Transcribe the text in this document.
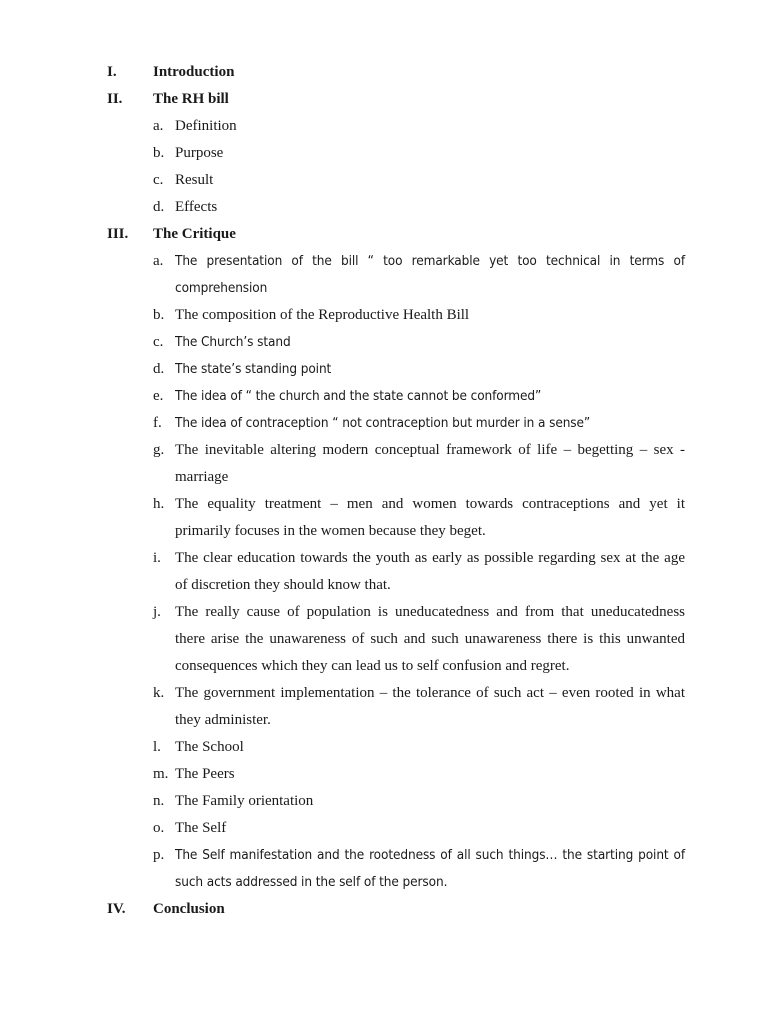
I.	Introduction
II.	The RH bill
a. Definition
b. Purpose
c. Result
d. Effects
III.	The Critique
a. The presentation of the bill “ too remarkable yet too technical in terms of comprehension
b. The composition of the Reproductive Health Bill
c. The Church’s stand
d. The state’s standing point
e. The idea of “ the church and the state cannot be conformed”
f. The idea of contraception “ not contraception but murder in a sense”
g. The inevitable altering modern conceptual framework of life – begetting – sex - marriage
h. The equality treatment – men and women towards contraceptions and yet it primarily focuses in the women because they beget.
i. The clear education towards the youth as early as possible regarding sex at the age of discretion they should know that.
j. The really cause of population is uneducatedness and from that uneducatedness there arise the unawareness of such and such unawareness there is this unwanted consequences which they can lead us to self confusion and regret.
k. The government implementation – the tolerance of such act – even rooted in what they administer.
l. The School
m. The Peers
n. The Family orientation
o. The Self
p. The Self manifestation and the rootedness of all such things… the starting point of such acts addressed in the self of the person.
IV.	Conclusion
